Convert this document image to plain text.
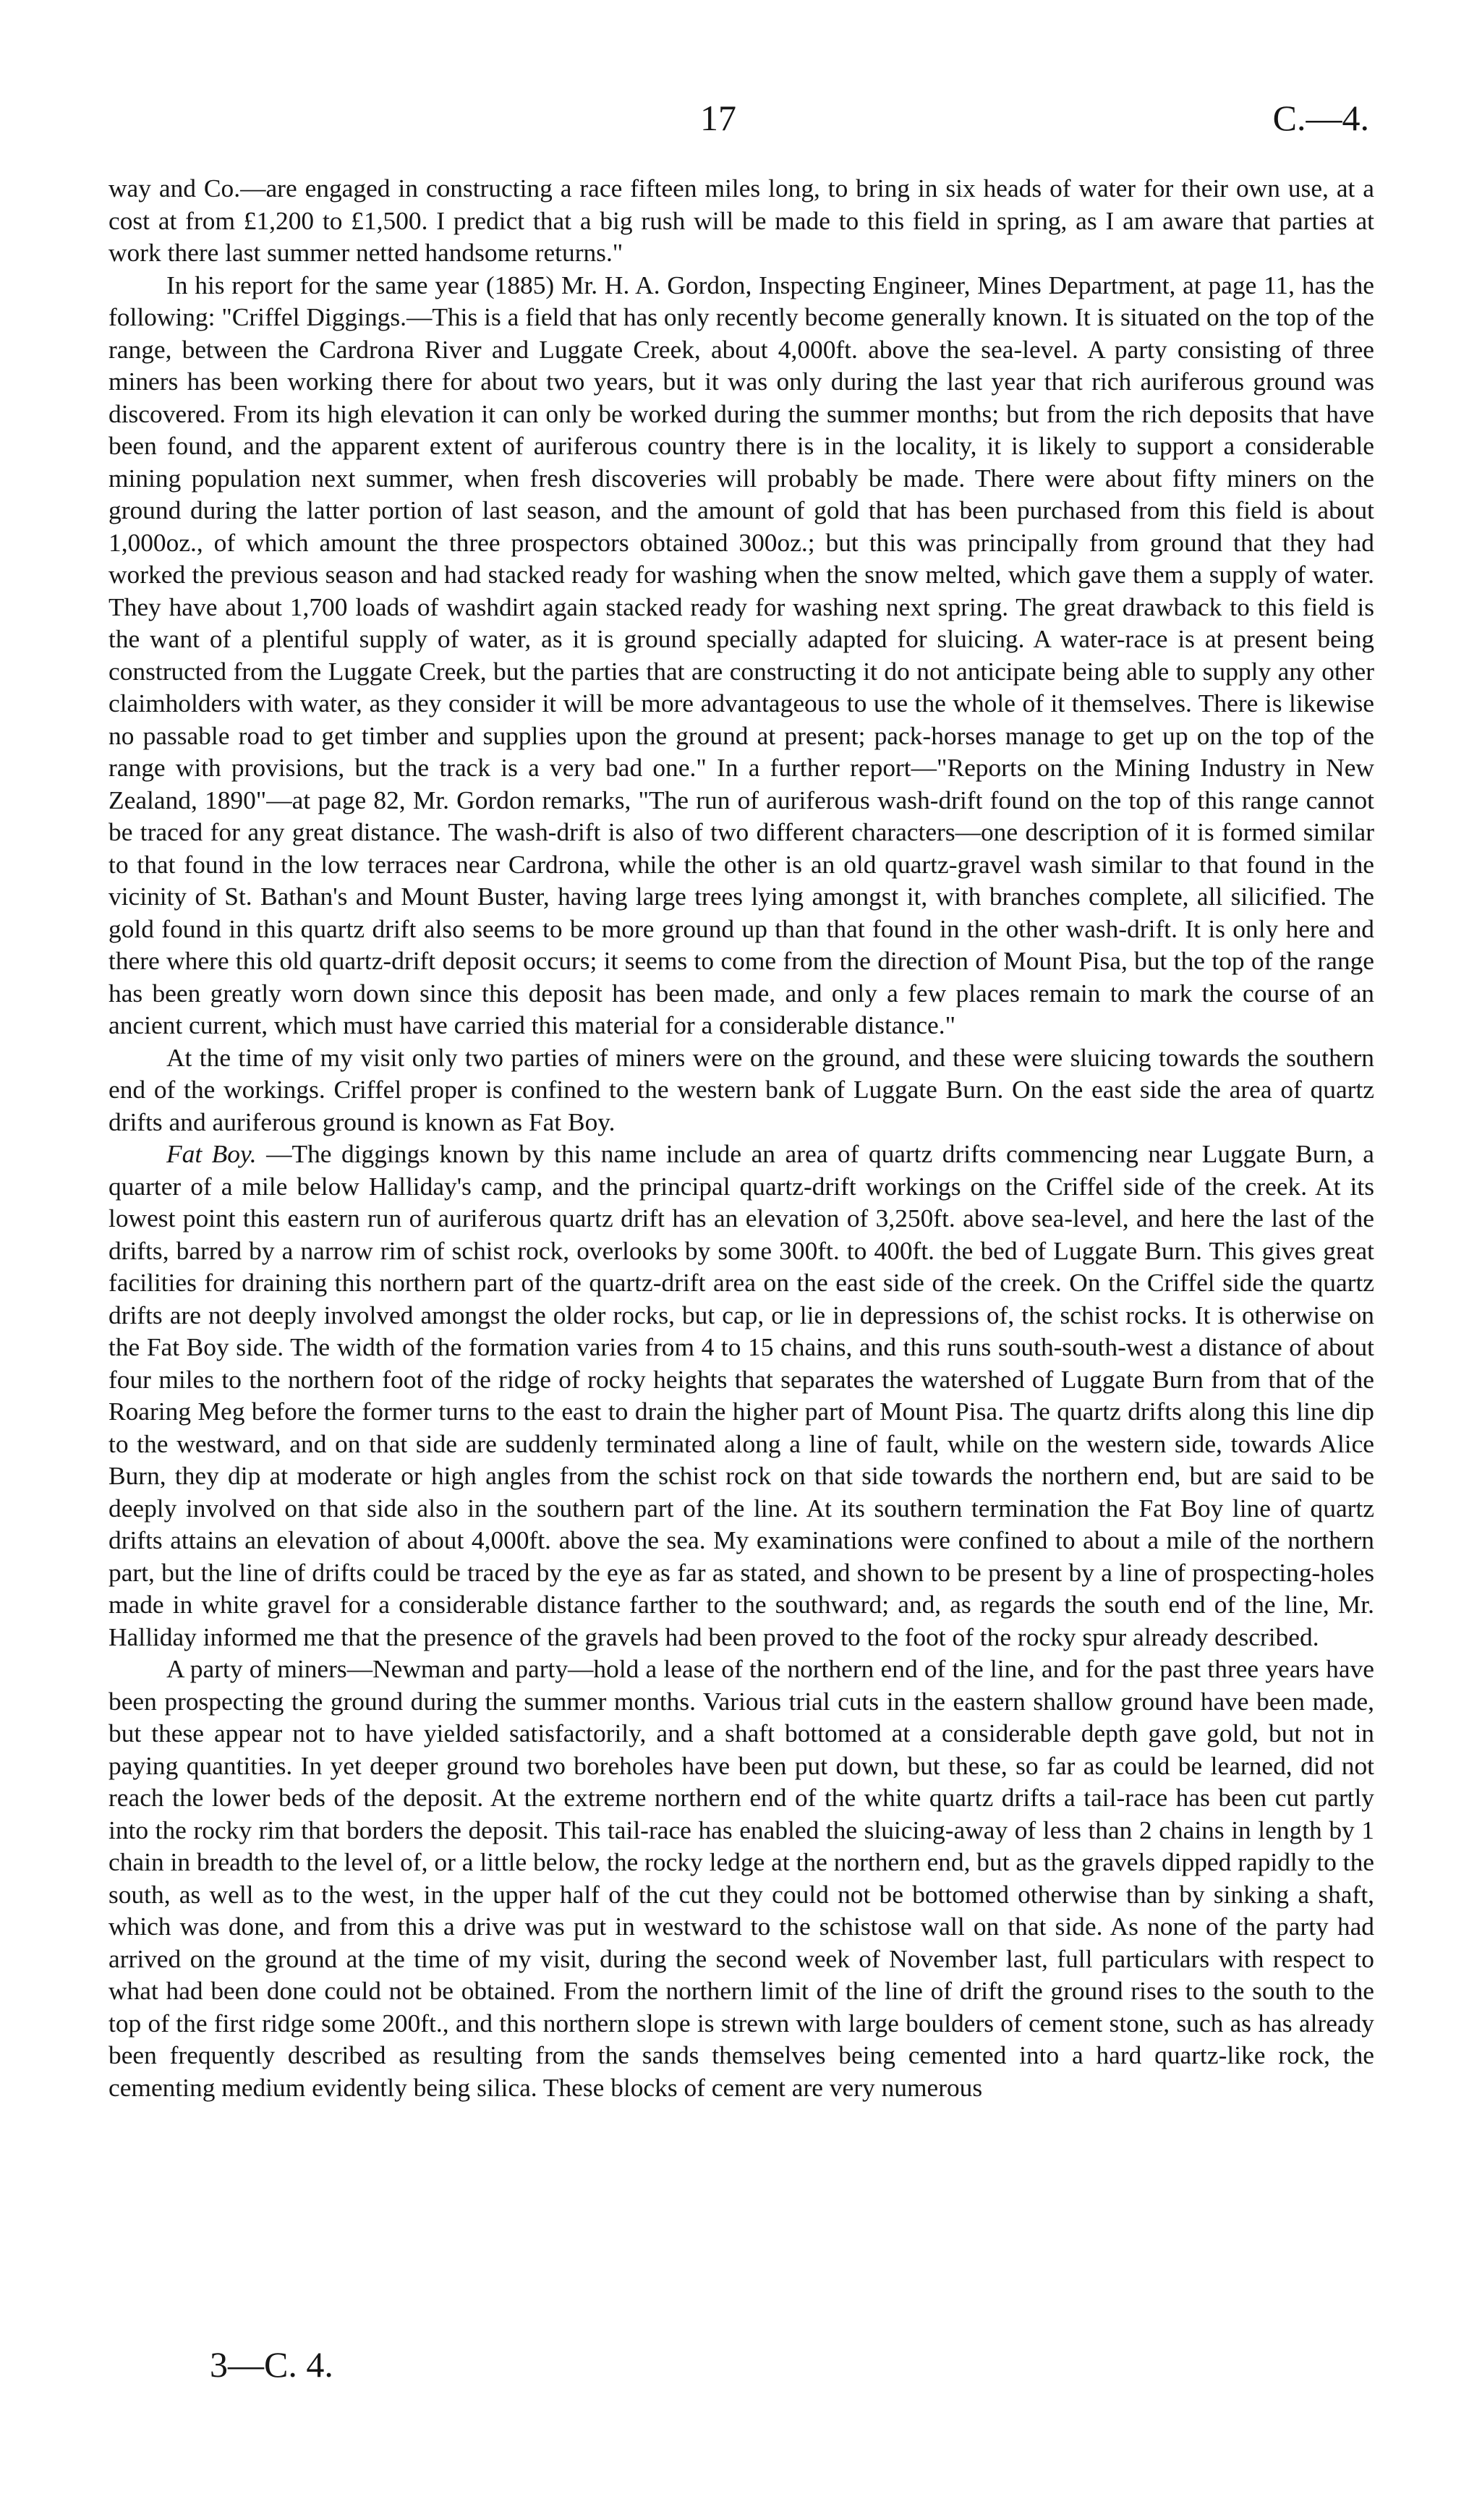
17	C.—4.

way and Co.—are engaged in constructing a race fifteen miles long, to bring in six heads of water for their own use, at a cost at from £1,200 to £1,500. I predict that a big rush will be made to this field in spring, as I am aware that parties at work there last summer netted handsome returns."

In his report for the same year (1885) Mr. H. A. Gordon, Inspecting Engineer, Mines Department, at page 11, has the following: "Criffel Diggings.—This is a field that has only recently become generally known. It is situated on the top of the range, between the Cardrona River and Luggate Creek, about 4,000ft. above the sea-level. A party consisting of three miners has been working there for about two years, but it was only during the last year that rich auriferous ground was discovered. From its high elevation it can only be worked during the summer months; but from the rich deposits that have been found, and the apparent extent of auriferous country there is in the locality, it is likely to support a considerable mining population next summer, when fresh discoveries will probably be made. There were about fifty miners on the ground during the latter portion of last season, and the amount of gold that has been purchased from this field is about 1,000oz., of which amount the three prospectors obtained 300oz.; but this was principally from ground that they had worked the previous season and had stacked ready for washing when the snow melted, which gave them a supply of water. They have about 1,700 loads of washdirt again stacked ready for washing next spring. The great drawback to this field is the want of a plentiful supply of water, as it is ground specially adapted for sluicing. A water-race is at present being constructed from the Luggate Creek, but the parties that are constructing it do not anticipate being able to supply any other claimholders with water, as they consider it will be more advantageous to use the whole of it themselves. There is likewise no passable road to get timber and supplies upon the ground at present; pack-horses manage to get up on the top of the range with provisions, but the track is a very bad one." In a further report—"Reports on the Mining Industry in New Zealand, 1890"—at page 82, Mr. Gordon remarks, "The run of auriferous wash-drift found on the top of this range cannot be traced for any great distance. The wash-drift is also of two different characters—one description of it is formed similar to that found in the low terraces near Cardrona, while the other is an old quartz-gravel wash similar to that found in the vicinity of St. Bathan's and Mount Buster, having large trees lying amongst it, with branches complete, all silicified. The gold found in this quartz drift also seems to be more ground up than that found in the other wash-drift. It is only here and there where this old quartz-drift deposit occurs; it seems to come from the direction of Mount Pisa, but the top of the range has been greatly worn down since this deposit has been made, and only a few places remain to mark the course of an ancient current, which must have carried this material for a considerable distance."

At the time of my visit only two parties of miners were on the ground, and these were sluicing towards the southern end of the workings. Criffel proper is confined to the western bank of Luggate Burn. On the east side the area of quartz drifts and auriferous ground is known as Fat Boy.

Fat Boy. —The diggings known by this name include an area of quartz drifts commencing near Luggate Burn, a quarter of a mile below Halliday's camp, and the principal quartz-drift workings on the Criffel side of the creek. At its lowest point this eastern run of auriferous quartz drift has an elevation of 3,250ft. above sea-level, and here the last of the drifts, barred by a narrow rim of schist rock, overlooks by some 300ft. to 400ft. the bed of Luggate Burn. This gives great facilities for draining this northern part of the quartz-drift area on the east side of the creek. On the Criffel side the quartz drifts are not deeply involved amongst the older rocks, but cap, or lie in depressions of, the schist rocks. It is otherwise on the Fat Boy side. The width of the formation varies from 4 to 15 chains, and this runs south-south-west a distance of about four miles to the northern foot of the ridge of rocky heights that separates the watershed of Luggate Burn from that of the Roaring Meg before the former turns to the east to drain the higher part of Mount Pisa. The quartz drifts along this line dip to the westward, and on that side are suddenly terminated along a line of fault, while on the western side, towards Alice Burn, they dip at moderate or high angles from the schist rock on that side towards the northern end, but are said to be deeply involved on that side also in the southern part of the line. At its southern termination the Fat Boy line of quartz drifts attains an elevation of about 4,000ft. above the sea. My examinations were confined to about a mile of the northern part, but the line of drifts could be traced by the eye as far as stated, and shown to be present by a line of prospecting-holes made in white gravel for a considerable distance farther to the southward; and, as regards the south end of the line, Mr. Halliday informed me that the presence of the gravels had been proved to the foot of the rocky spur already described.

A party of miners—Newman and party—hold a lease of the northern end of the line, and for the past three years have been prospecting the ground during the summer months. Various trial cuts in the eastern shallow ground have been made, but these appear not to have yielded satisfactorily, and a shaft bottomed at a considerable depth gave gold, but not in paying quantities. In yet deeper ground two boreholes have been put down, but these, so far as could be learned, did not reach the lower beds of the deposit. At the extreme northern end of the white quartz drifts a tail-race has been cut partly into the rocky rim that borders the deposit. This tail-race has enabled the sluicing-away of less than 2 chains in length by 1 chain in breadth to the level of, or a little below, the rocky ledge at the northern end, but as the gravels dipped rapidly to the south, as well as to the west, in the upper half of the cut they could not be bottomed otherwise than by sinking a shaft, which was done, and from this a drive was put in westward to the schistose wall on that side. As none of the party had arrived on the ground at the time of my visit, during the second week of November last, full particulars with respect to what had been done could not be obtained. From the northern limit of the line of drift the ground rises to the south to the top of the first ridge some 200ft., and this northern slope is strewn with large boulders of cement stone, such as has already been frequently described as resulting from the sands themselves being cemented into a hard quartz-like rock, the cementing medium evidently being silica. These blocks of cement are very numerous

3—C. 4.
